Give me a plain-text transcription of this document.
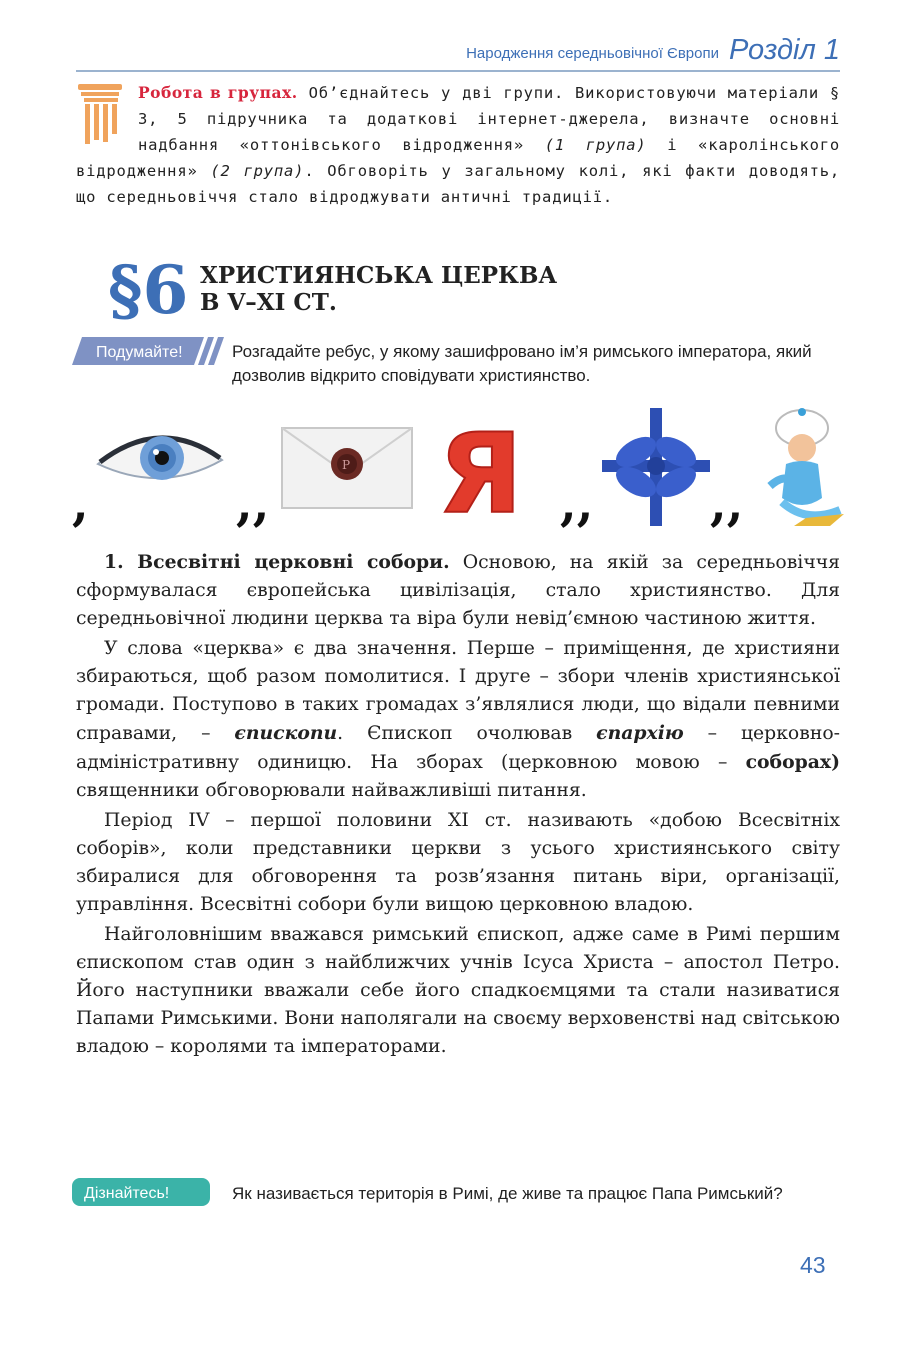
Народження середньовічної Європи Розділ 1

Робота в групах. Об’єднайтесь у дві групи. Використовуючи матеріали § 3, 5 підручника та додаткові інтернет-джерела, визначте основні надбання «оттонівського відродження» (1 група) і «каролінського відродження» (2 група). Обговоріть у загальному колі, які факти доводять, що середньовіччя стало відроджувати античні традиції.

§6 ХРИСТИЯНСЬКА ЦЕРКВА
В V–XI СТ.
Подумайте!	Розгадайте ребус, у якому зашифровано ім’я римського імператора, який дозволив відкрито сповідувати християнство.
,	,,
P Я ,, ,,

1. Всесвітні церковні собори. Основою, на якій за середньовіччя сформувалася європейська цивілізація, стало християнство. Для середньовічної людини церква та віра були невід’ємною частиною життя.

У слова «церква» є два значення. Перше – приміщення, де християни збираються, щоб разом помолитися. І друге – збори членів християнської громади. Поступово в таких громадах з’являлися люди, що відали певними справами, – єпископи. Єпископ очолював єпархію – церковно-адміністративну одиницю. На зборах (церковною мовою – соборах) священники обговорювали найважливіші питання.

Період IV – першої половини XI ст. називають «добою Всесвітніх соборів», коли представники церкви з усього християнського світу збиралися для обговорення та розв’язання питань віри, організації, управління. Всесвітні собори були вищою церковною владою.

Найголовнішим вважався римський єпископ, адже саме в Римі першим єпископом став один з найближчих учнів Ісуса Христа – апостол Петро. Його наступники вважали себе його спадкоємцями та стали називатися Папами Римськими. Вони наполягали на своєму верховенстві над світською владою – королями та імператорами.

Дізнайтесь!	Як називається територія в Римі, де живе та працює Папа Римський?
43
